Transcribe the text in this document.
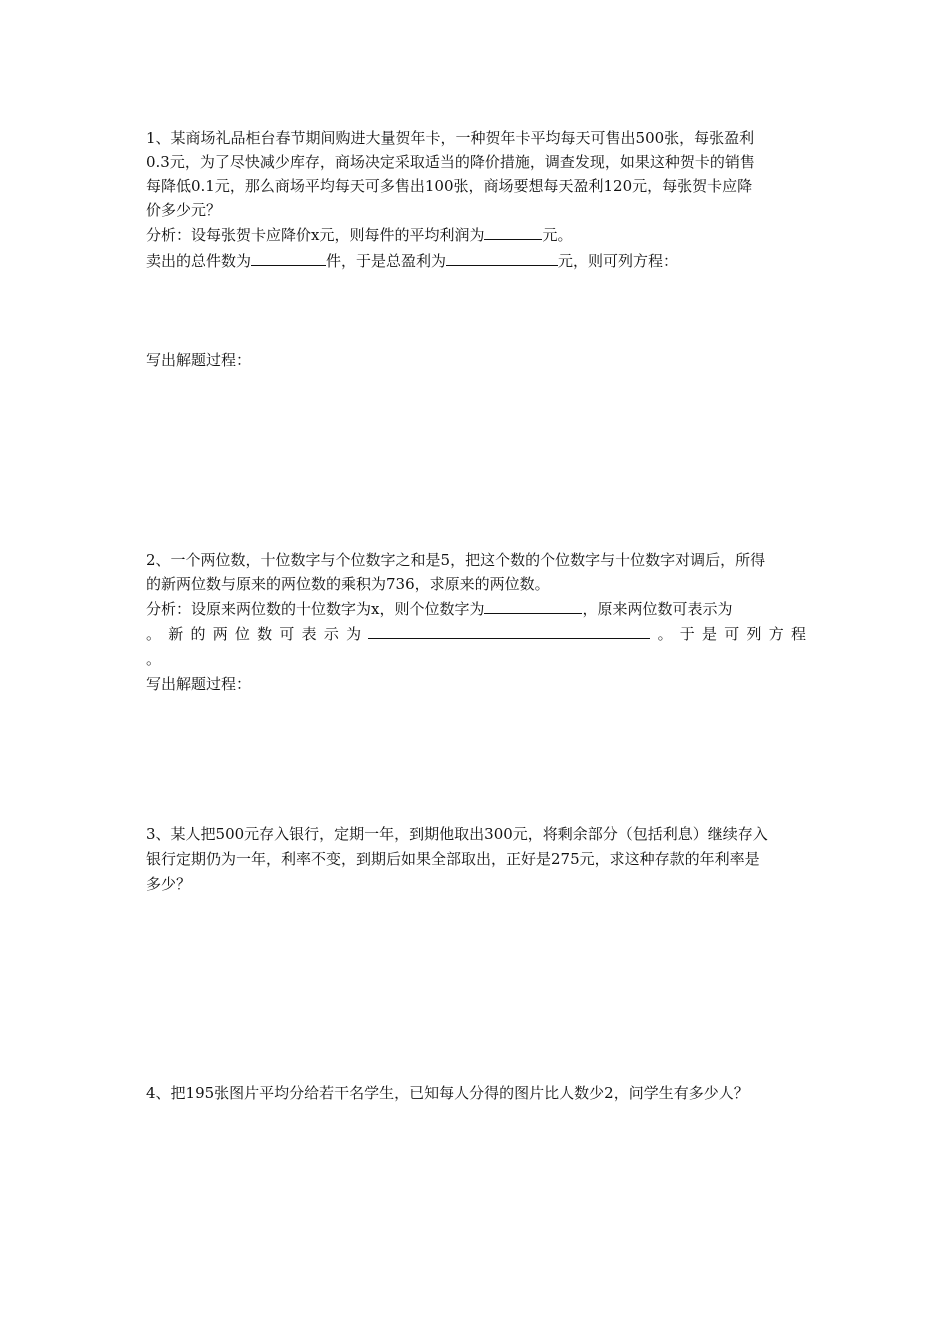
1、某商场礼品柜台春节期间购进大量贺年卡，一种贺年卡平均每天可售出500张，每张盈利
0.3元，为了尽快减少库存，商场决定采取适当的降价措施，调查发现，如果这种贺卡的销售
每降低0.1元，那么商场平均每天可多售出100张，商场要想每天盈利120元，每张贺卡应降
价多少元？
分析：设每张贺卡应降价x元，则每件的平均利润为	元。
卖出的总件数为	件，于是总盈利为	元，则可列方程：
写出解题过程：
2、一个两位数，十位数字与个位数字之和是5，把这个数的个位数字与十位数字对调后，所得
的新两位数与原来的两位数的乘积为736，求原来的两位数。
分析：设原来两位数的十位数字为x，则个位数字为	，原来两位数可表示为
。新的两位数可表示为	。于是可列方程
。
写出解题过程：
3、某人把500元存入银行，定期一年，到期他取出300元，将剩余部分（包括利息）继续存入
银行定期仍为一年，利率不变，到期后如果全部取出，正好是275元，求这种存款的年利率是
多少？
4、把195张图片平均分给若干名学生，已知每人分得的图片比人数少2，问学生有多少人？
